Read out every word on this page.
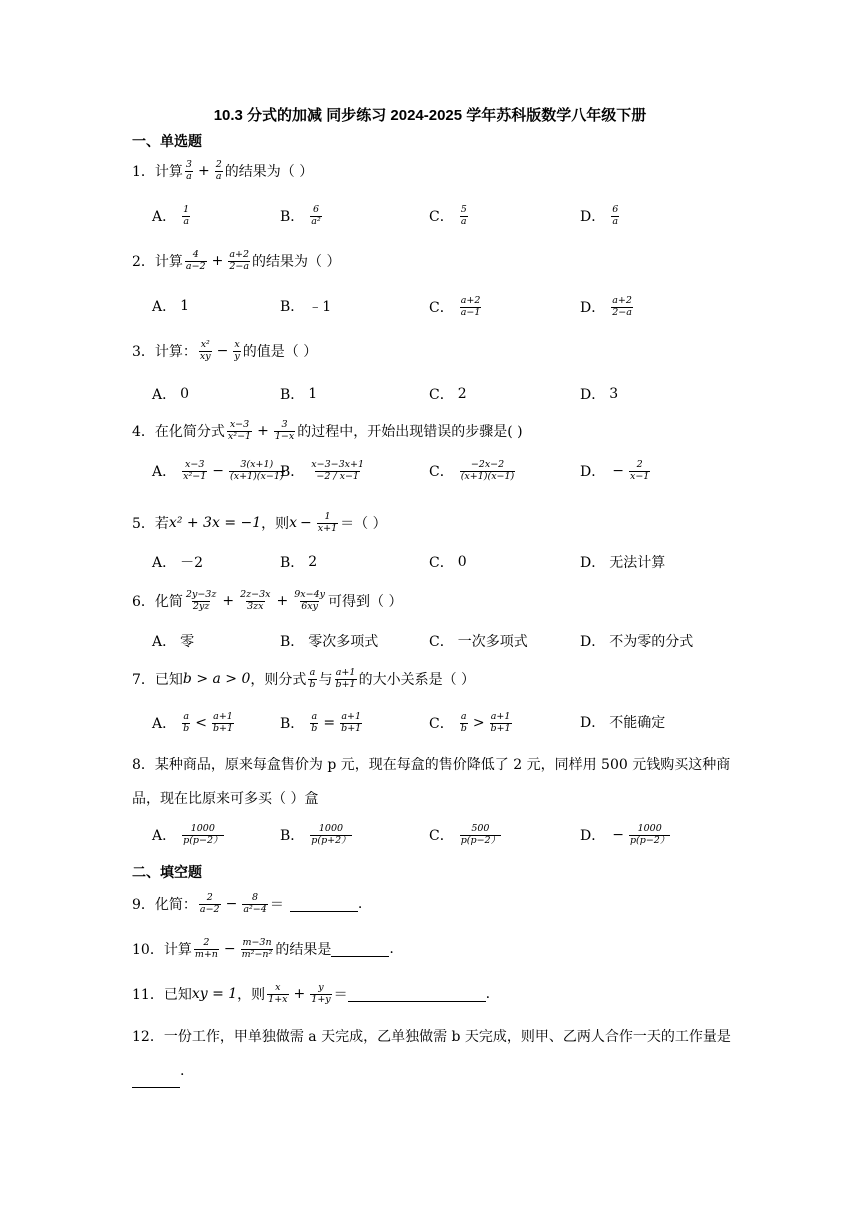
10.3 分式的加减 同步练习 2024-2025 学年苏科版数学八年级下册
一、单选题
1． 计算 $\frac{3}{a} + \frac{2}{a}$ 的结果为（ ）
A． $\frac{1}{a}$	B． $\frac{6}{\text{a²}}$	C． $\frac{5}{a}$	D． $\frac{6}{a}$
2． 计算 $\frac{4}{a-2} + \frac{a+2}{2-a}$ 的结果为（ ）
A． 1	B． ﹣1	C． $\frac{a+2}{a-1}$	D． $\frac{a+2}{2-a}$
3． 计算： $\frac{\text{x²}}{xy} - \frac{x}{y}$ 的值是（ ）
A． 0	B． 1	C． 2	D． 3
4． 在化简分式 $\frac{x-3}{\text{x²−1}} + \frac{3}{1-x}$ 的过程中，开始出现错误的步骤是( )
A． $\frac{x-3}{\text{x²−1}} - \frac{3(x+1)}{(x+1)(x-1)}$
B． $\frac{x-3-3x+1}{-2 / x-1}$	C． $\frac{-2x-2}{(x+1)(x-1)}$	D． − $\frac{2}{x-1}$
5． 若 x² + 3x = −1 ，则 $x - \frac{1}{x+1}$ ＝（ ）
A． －2	B． 2	C． 0	D． 无法计算
6． 化简 $\frac{2y-3z}{2yz} + \frac{2z-3x}{3zx} + \frac{9x-4y}{6xy}$ 可得到（ ）
A． 零	B． 零次多项式	C． 一次多项式	D． 不为零的分式
7． 已知 b > a > 0 ，则分式 $\frac{a}{b}$ 与 $\frac{a+1}{b+1}$ 的大小关系是（ ）
A． $\frac{a}{b} < \frac{a+1}{b+1}$	B． $\frac{a}{b} = \frac{a+1}{b+1}$	C． $\frac{a}{b} > \frac{a+1}{b+1}$	D． 不能确定
8．某种商品，原来每盒售价为 p 元，现在每盒的售价降低了 2 元，同样用 500 元钱购买这种商品，现在比原来可多买（ ）盒
A． $\frac{1000}{p(p-2)}$	B． $\frac{1000}{p(p+2)}$	C． $\frac{500}{p(p-2)}$	D． − $\frac{1000}{p(p-2)}$
二、填空题
9． 化简： $\frac{2}{a-2} - \frac{8}{\text{a²−4}}$ ＝	.
10． 计算 $\frac{2}{m+n} - \frac{m-3n}{\text{m²−n²}}$ 的结果是	.
11． 已知 xy = 1 ，则 $\frac{x}{1+x} + \frac{y}{1+y}$ ＝	.
12．一份工作，甲单独做需 a 天完成，乙单独做需 b 天完成，则甲、乙两人合作一天的工作量是.
